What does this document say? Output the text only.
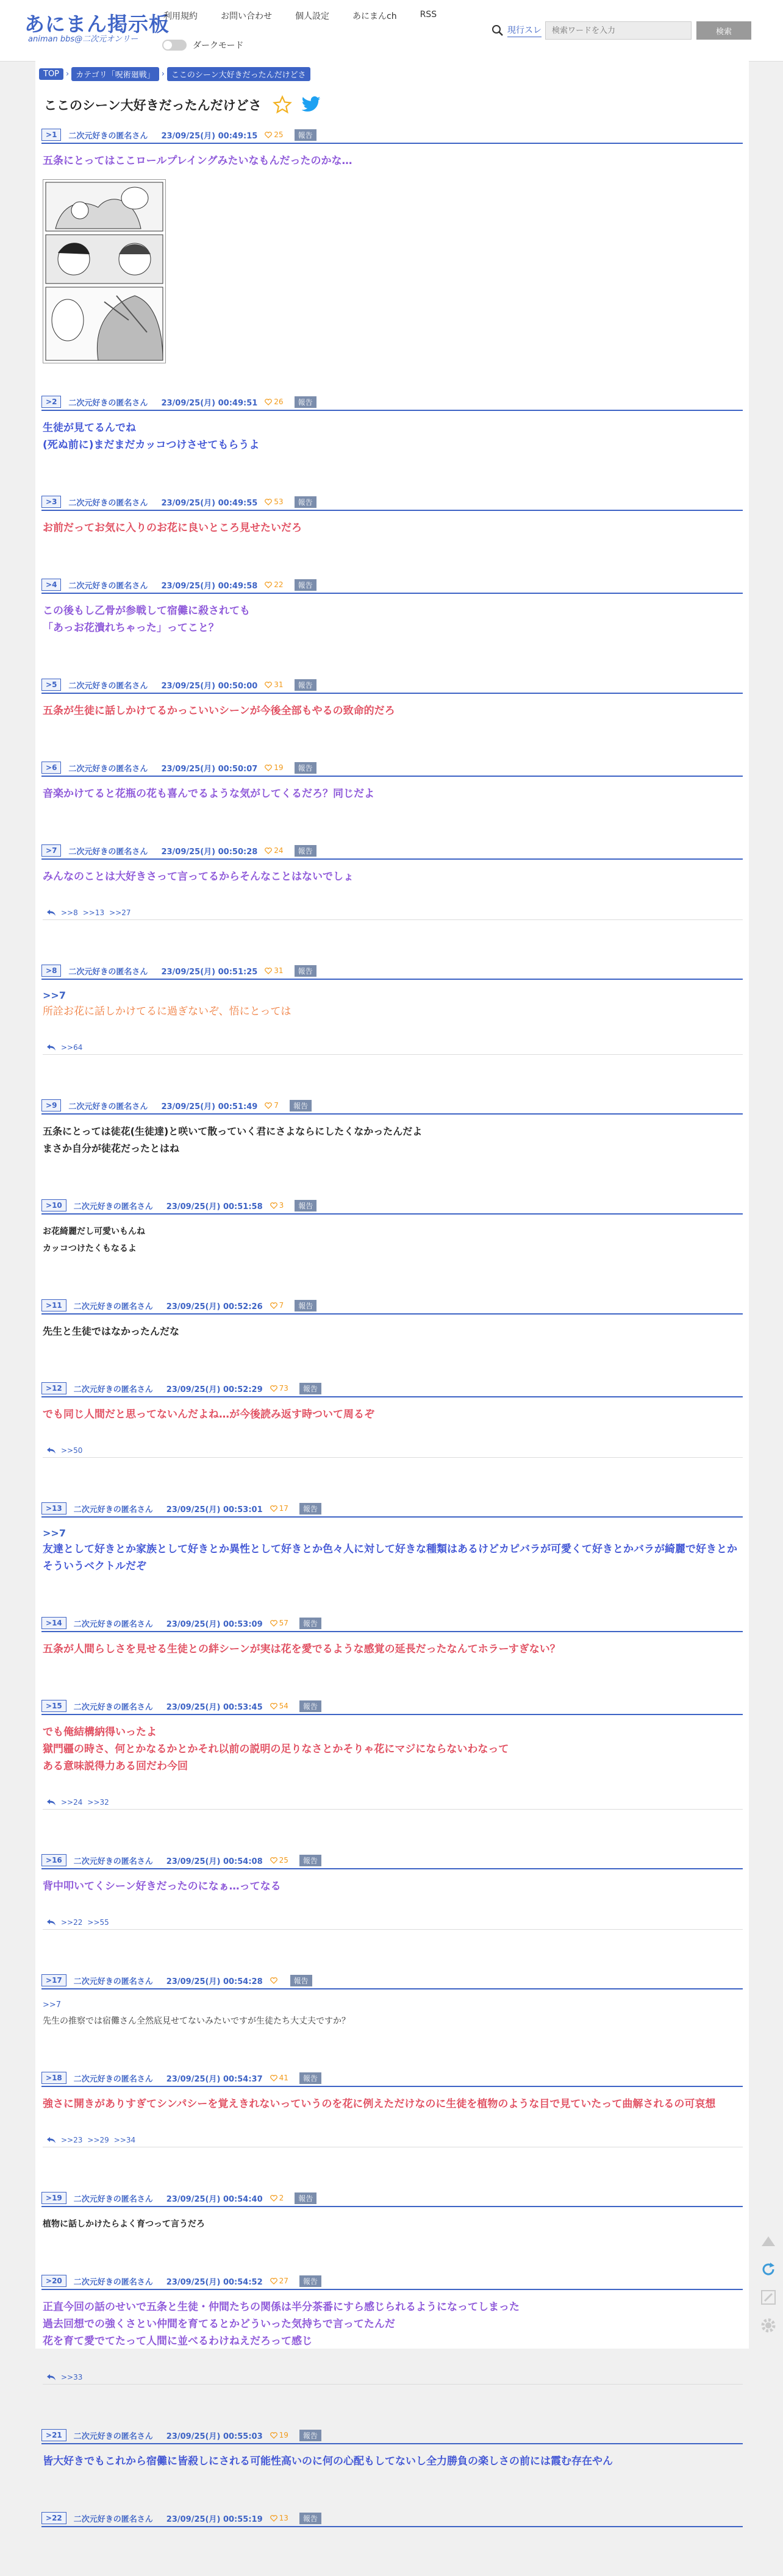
あにまん掲示板
animan bbs@二次元オンリー
利用規約	お問い合わせ	個人設定	あにまんch	RSS
ダークモード
現行スレ
検索ワードを入力	検索
TOP › カテゴリ「呪術廻戦」 › ここのシーン大好きだったんだけどさ
ここのシーン大好きだったんだけどさ
>1	二次元好きの匿名さん 23/09/25(月) 00:49:15 25	報告
五条にとってはここロールプレイングみたいなもんだったのかな…
>2	二次元好きの匿名さん 23/09/25(月) 00:49:51 26	報告
生徒が見てるんでね
(死ぬ前に)まだまだカッコつけさせてもらうよ
>3	二次元好きの匿名さん 23/09/25(月) 00:49:55 53	報告
お前だってお気に入りのお花に良いところ見せたいだろ
>4	二次元好きの匿名さん 23/09/25(月) 00:49:58 22	報告
この後もし乙骨が参戦して宿儺に殺されても
「あっお花潰れちゃった」ってこと？
>5	二次元好きの匿名さん 23/09/25(月) 00:50:00 31	報告
五条が生徒に話しかけてるかっこいいシーンが今後全部もやるの致命的だろ
>6	二次元好きの匿名さん 23/09/25(月) 00:50:07 19	報告
音楽かけてると花瓶の花も喜んでるような気がしてくるだろ？同じだよ
>7	二次元好きの匿名さん 23/09/25(月) 00:50:28 24	報告
みんなのことは大好きさって言ってるからそんなことはないでしょ
>>8 >>13 >>27
>8	二次元好きの匿名さん 23/09/25(月) 00:51:25 31	報告
>>7
所詮お花に話しかけてるに過ぎないぞ、悟にとっては
>>64
>9	二次元好きの匿名さん 23/09/25(月) 00:51:49 7	報告
五条にとっては徒花(生徒達)と咲いて散っていく君にさよならにしたくなかったんだよ
まさか自分が徒花だったとはね
>10	二次元好きの匿名さん 23/09/25(月) 00:51:58 3	報告
お花綺麗だし可愛いもんね
カッコつけたくもなるよ
>11	二次元好きの匿名さん 23/09/25(月) 00:52:26 7	報告
先生と生徒ではなかったんだな
>12	二次元好きの匿名さん 23/09/25(月) 00:52:29 73	報告
でも同じ人間だと思ってないんだよね…が今後読み返す時ついて周るぞ
>>50
>13	二次元好きの匿名さん 23/09/25(月) 00:53:01 17	報告
>>7
友達として好きとか家族として好きとか異性として好きとか色々人に対して好きな種類はあるけどカピバラが可愛くて好きとかバラが綺麗で好きとかそういうベクトルだぞ
>14	二次元好きの匿名さん 23/09/25(月) 00:53:09 57	報告
五条が人間らしさを見せる生徒との絆シーンが実は花を愛でるような感覚の延長だったなんてホラーすぎない？
>15	二次元好きの匿名さん 23/09/25(月) 00:53:45 54	報告
でも俺結構納得いったよ
獄門疆の時さ、何とかなるかとかそれ以前の説明の足りなさとかそりゃ花にマジにならないわなって
ある意味説得力ある回だわ今回
>>24 >>32
>16	二次元好きの匿名さん 23/09/25(月) 00:54:08 25	報告
背中叩いてくシーン好きだったのになぁ…ってなる
>>22 >>55
>17	二次元好きの匿名さん 23/09/25(月) 00:54:28	報告
>>7
先生の推察では宿儺さん全然底見せてないみたいですが生徒たち大丈夫ですか？
>18	二次元好きの匿名さん 23/09/25(月) 00:54:37 41	報告
強さに開きがありすぎてシンパシーを覚えきれないっていうのを花に例えただけなのに生徒を植物のような目で見ていたって曲解されるの可哀想
>>23 >>29 >>34
>19	二次元好きの匿名さん 23/09/25(月) 00:54:40 2	報告
植物に話しかけたらよく育つって言うだろ
>20	二次元好きの匿名さん 23/09/25(月) 00:54:52 27	報告
正直今回の話のせいで五条と生徒・仲間たちの関係は半分茶番にすら感じられるようになってしまった
過去回想での強くさとい仲間を育てるとかどういった気持ちで言ってたんだ
花を育て愛でてたって人間に並べるわけねえだろって感じ
>>33
>21	二次元好きの匿名さん 23/09/25(月) 00:55:03 19	報告
皆大好きでもこれから宿儺に皆殺しにされる可能性高いのに何の心配もしてないし全力勝負の楽しさの前には霞む存在やん
>22	二次元好きの匿名さん 23/09/25(月) 00:55:19 13	報告
